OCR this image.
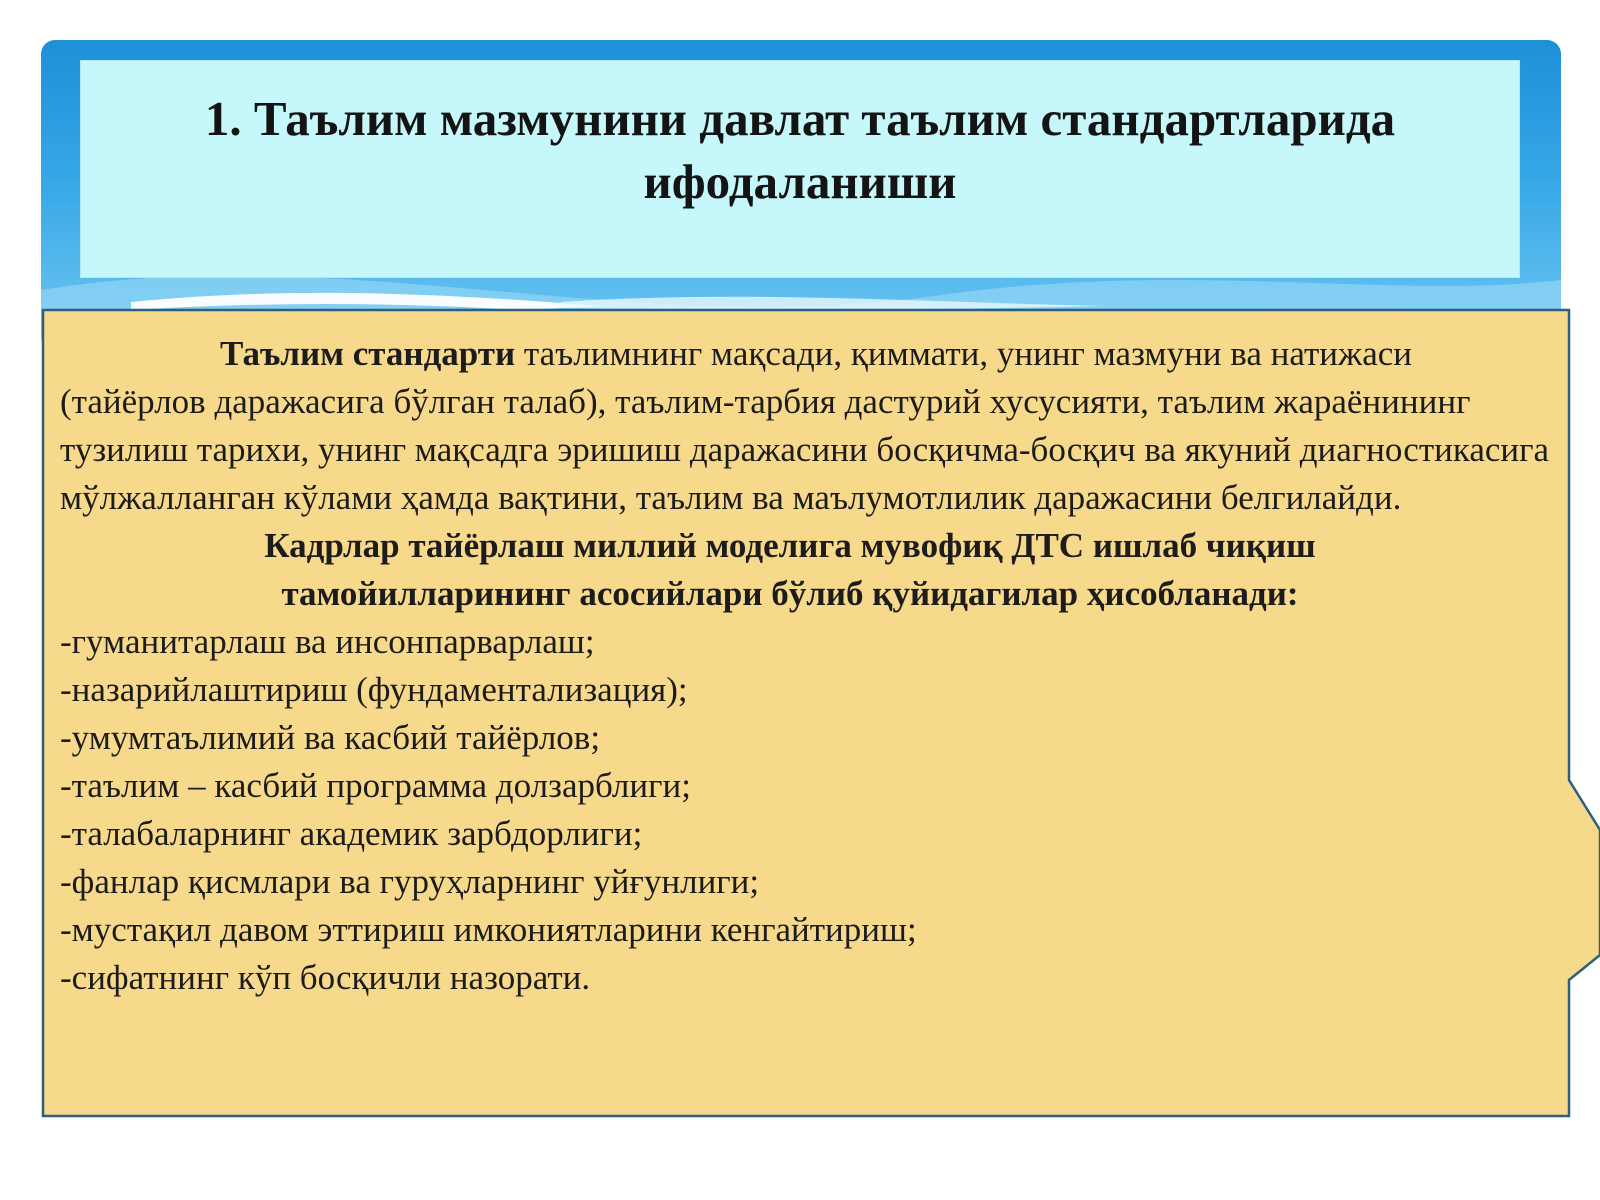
1. Таълим мазмунини давлат таълим стандартларида
ифодаланиши

Таълим стандарти таълимнинг мақсади, қиммати, унинг мазмуни ва натижаси (тайёрлов даражасига бўлган талаб), таълим-тарбия дастурий хусусияти, таълим жараёнининг тузилиш тарихи, унинг мақсадга эришиш даражасини босқичма-босқич ва якуний диагностикасига мўлжалланган кўлами ҳамда вақтини, таълим ва маълумотлилик даражасини белгилайди.

Кадрлар тайёрлаш миллий моделига мувофиқ ДТС ишлаб чиқиш
тамойилларининг асосийлари бўлиб қуйидагилар ҳисобланади:

-гуманитарлаш ва инсонпарварлаш;
-назарийлаштириш (фундаментализация);
-умумтаълимий ва касбий тайёрлов;
-таълим – касбий программа долзарблиги;
-талабаларнинг академик зарбдорлиги;
-фанлар қисмлари ва гуруҳларнинг уйғунлиги;
-мустақил давом эттириш имкониятларини кенгайтириш;
-сифатнинг кўп босқичли назорати.
